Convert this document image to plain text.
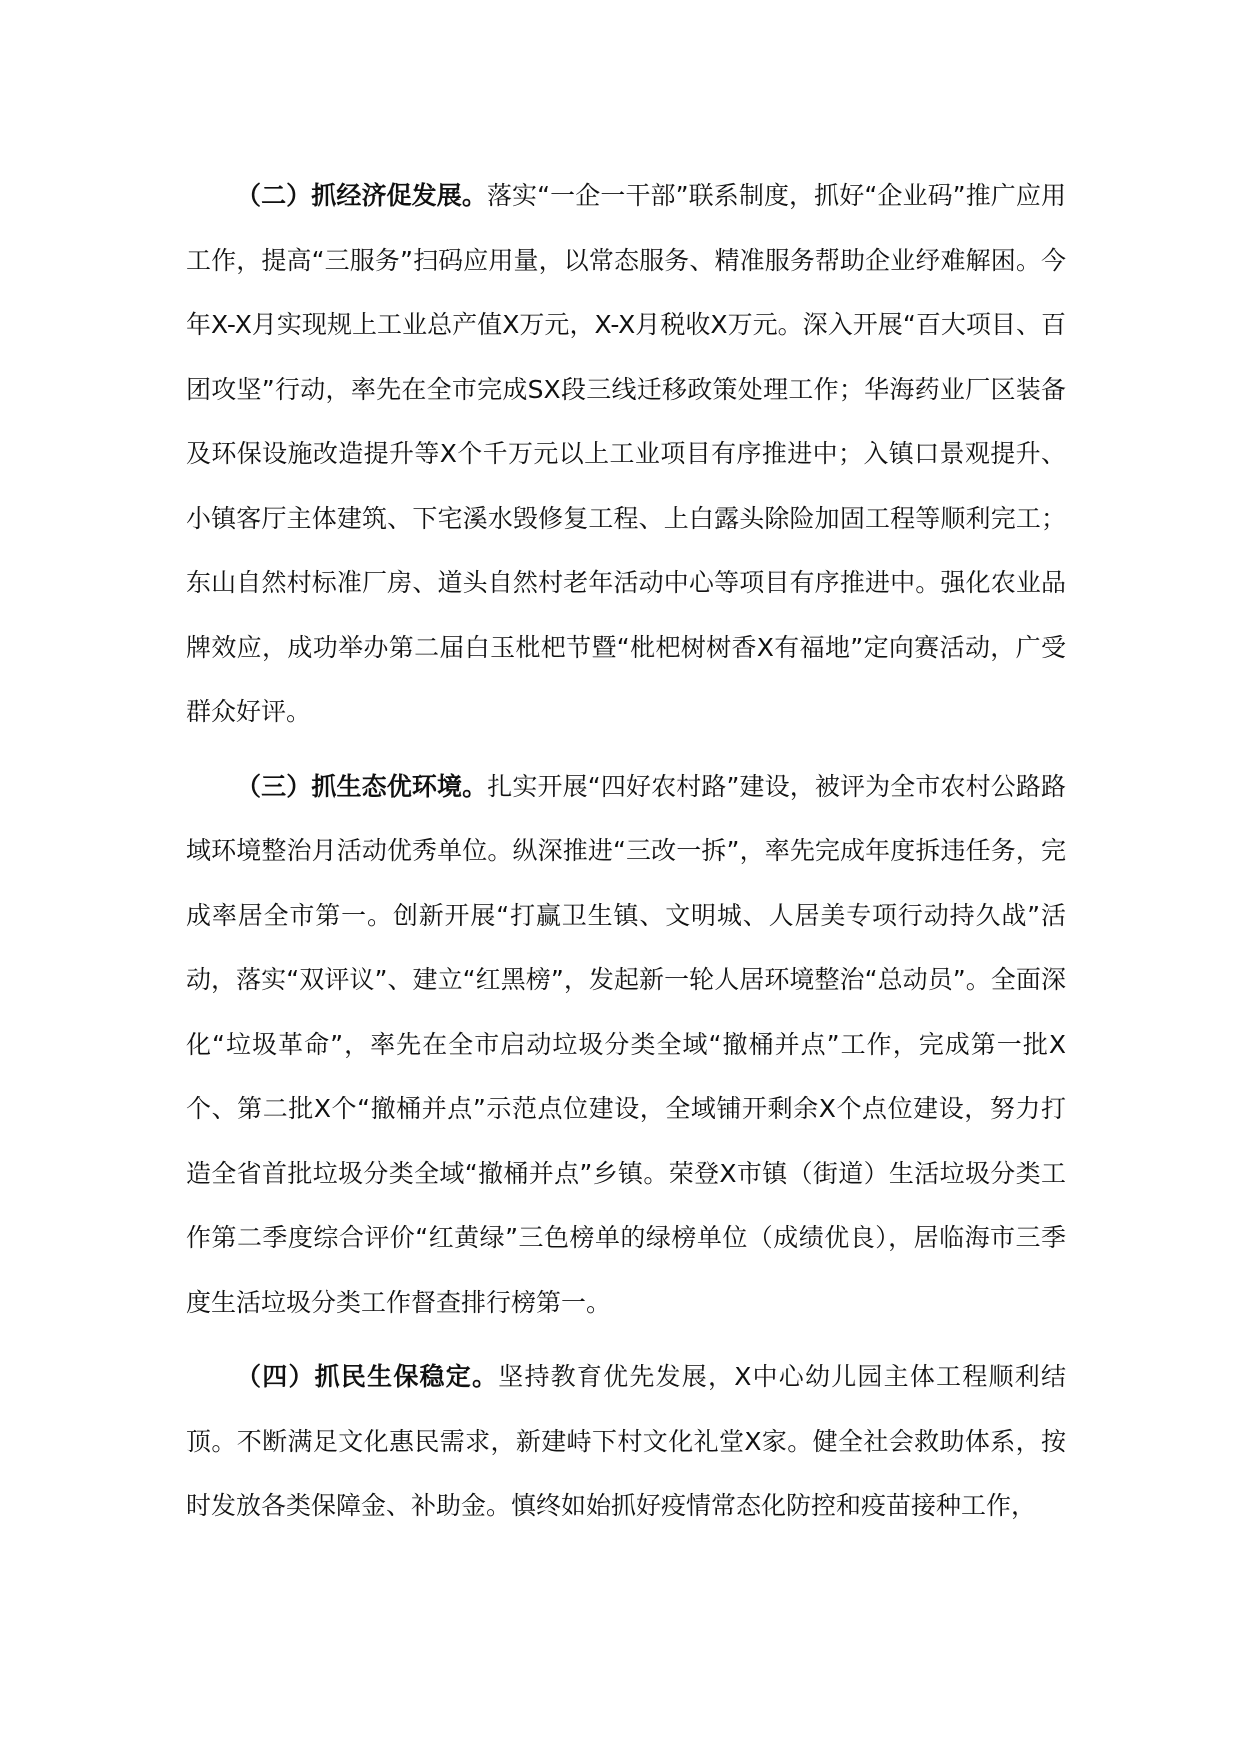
（二）抓经济促发展。落实“一企一干部”联系制度，抓好“企业码”推广应用工作，提高“三服务”扫码应用量，以常态服务、精准服务帮助企业纾难解困。今年X-X月实现规上工业总产值X万元，X-X月税收X万元。深入开展“百大项目、百团攻坚”行动，率先在全市完成SX段三线迁移政策处理工作；华海药业厂区装备及环保设施改造提升等X个千万元以上工业项目有序推进中；入镇口景观提升、小镇客厅主体建筑、下宅溪水毁修复工程、上白露头除险加固工程等顺利完工；东山自然村标准厂房、道头自然村老年活动中心等项目有序推进中。强化农业品牌效应，成功举办第二届白玉枇杷节暨“枇杷树树香X有福地”定向赛活动，广受群众好评。

（三）抓生态优环境。扎实开展“四好农村路”建设，被评为全市农村公路路域环境整治月活动优秀单位。纵深推进“三改一拆”，率先完成年度拆违任务，完成率居全市第一。创新开展“打赢卫生镇、文明城、人居美专项行动持久战”活动，落实“双评议”、建立“红黑榜”，发起新一轮人居环境整治“总动员”。全面深化“垃圾革命”，率先在全市启动垃圾分类全域“撤桶并点”工作，完成第一批X个、第二批X个“撤桶并点”示范点位建设，全域铺开剩余X个点位建设，努力打造全省首批垃圾分类全域“撤桶并点”乡镇。荣登X市镇（街道）生活垃圾分类工作第二季度综合评价“红黄绿”三色榜单的绿榜单位（成绩优良），居临海市三季度生活垃圾分类工作督查排行榜第一。

（四）抓民生保稳定。坚持教育优先发展，X中心幼儿园主体工程顺利结顶。不断满足文化惠民需求，新建峙下村文化礼堂X家。健全社会救助体系，按时发放各类保障金、补助金。慎终如始抓好疫情常态化防控和疫苗接种工作，
